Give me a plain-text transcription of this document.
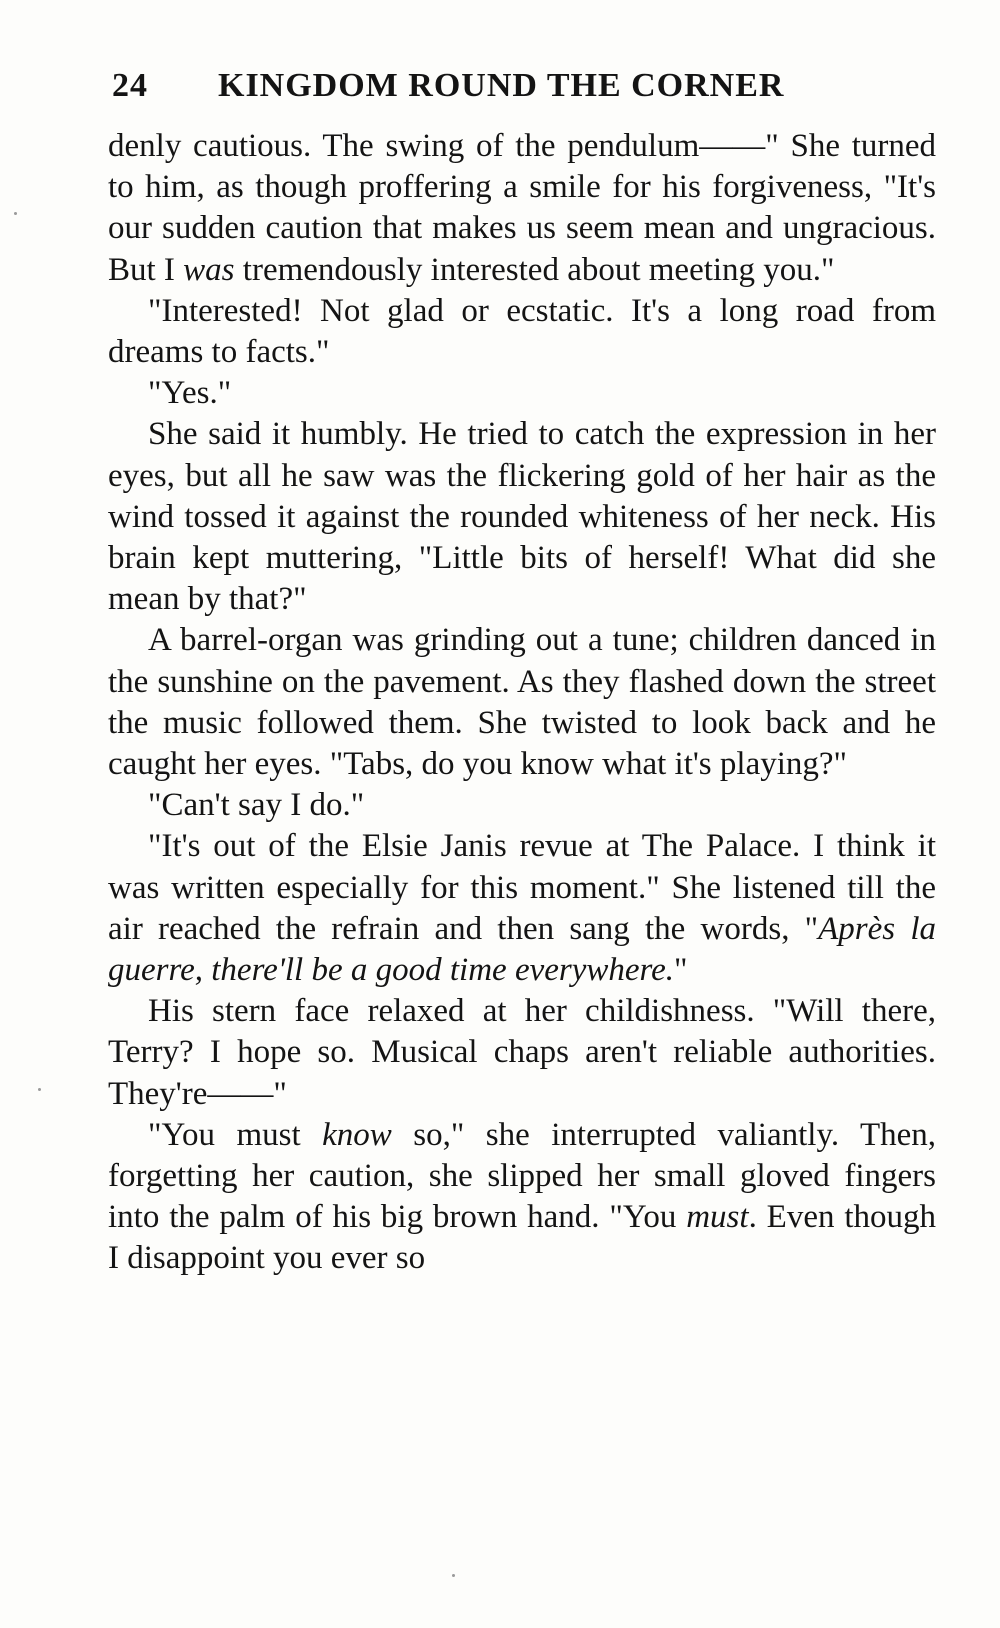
24 KINGDOM ROUND THE CORNER

denly cautious. The swing of the pendulum——" She turned to him, as though proffering a smile for his forgiveness, "It's our sudden caution that makes us seem mean and ungracious. But I was tremendously interested about meeting you."

"Interested! Not glad or ecstatic. It's a long road from dreams to facts."

"Yes."

She said it humbly. He tried to catch the expression in her eyes, but all he saw was the flickering gold of her hair as the wind tossed it against the rounded whiteness of her neck. His brain kept muttering, "Little bits of herself! What did she mean by that?"

A barrel-organ was grinding out a tune; children danced in the sunshine on the pavement. As they flashed down the street the music followed them. She twisted to look back and he caught her eyes. "Tabs, do you know what it's playing?"

"Can't say I do."

"It's out of the Elsie Janis revue at The Palace. I think it was written especially for this moment." She listened till the air reached the refrain and then sang the words, "Après la guerre, there'll be a good time everywhere."

His stern face relaxed at her childishness. "Will there, Terry? I hope so. Musical chaps aren't reliable authorities. They're——"

"You must know so," she interrupted valiantly. Then, forgetting her caution, she slipped her small gloved fingers into the palm of his big brown hand. "You must. Even though I disappoint you ever so
